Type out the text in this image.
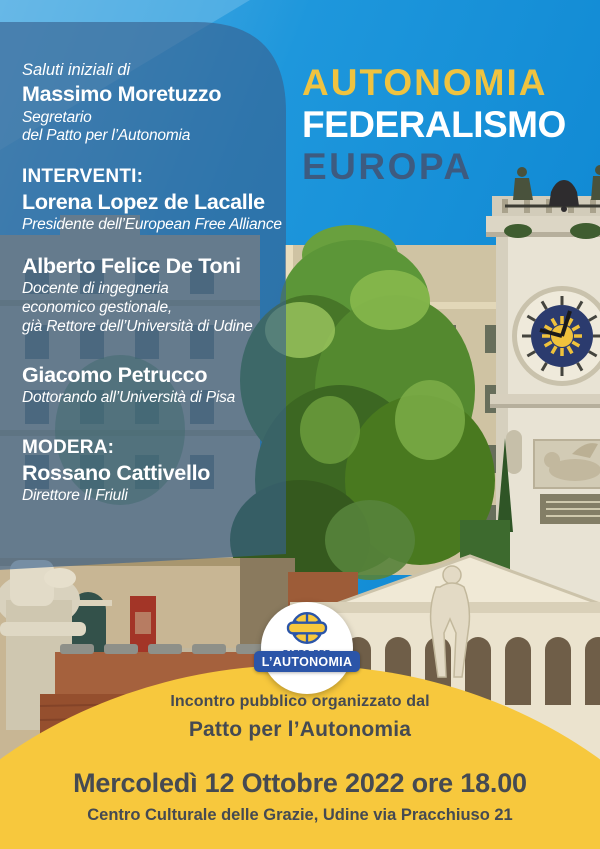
Saluti iniziali di
Massimo Moretuzzo
Segretario
del Patto per l’Autonomia
INTERVENTI:
Lorena Lopez de Lacalle
Presidente dell’European Free Alliance
Alberto Felice De Toni
Docente di ingegneria
economico gestionale,
già Rettore dell’Università di Udine
Giacomo Petrucco
Dottorando all’Università di Pisa
MODERA:
Rossano Cattivello
Direttore Il Friuli
AUTONOMIA
FEDERALISMO
EUROPA
L’AUTONOMIA
Incontro pubblico organizzato dal
Patto per l’Autonomia
Mercoledì 12 Ottobre 2022 ore 18.00
Centro Culturale delle Grazie, Udine via Pracchiuso 21
